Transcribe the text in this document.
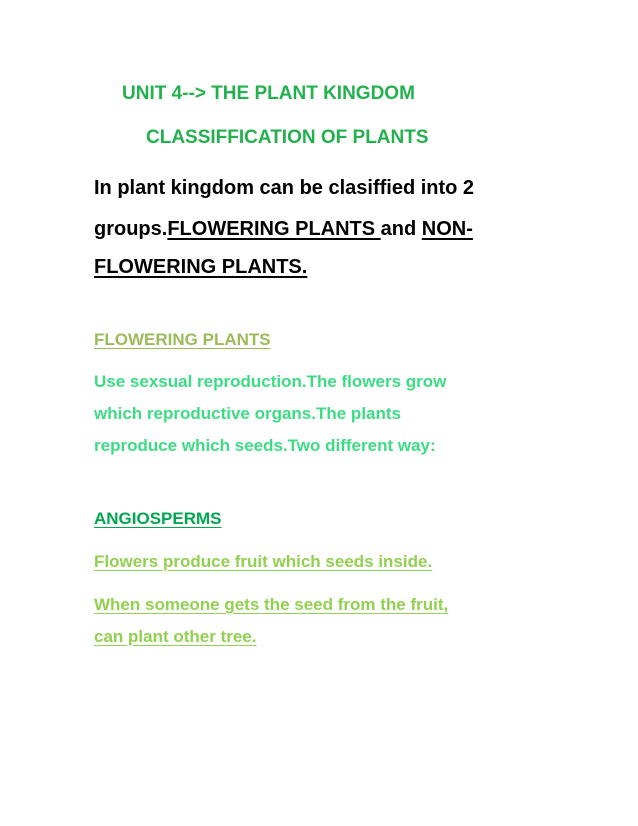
UNIT 4--> THE PLANT KINGDOM

CLASSIFFICATION OF PLANTS

In plant kingdom can be clasiffied into 2

groups.FLOWERING PLANTS and NON-

FLOWERING PLANTS.

FLOWERING PLANTS

Use sexsual reproduction.The flowers grow

which reproductive organs.The plants

reproduce which seeds.Two different way:

ANGIOSPERMS

Flowers produce fruit which seeds inside.

When someone gets the seed from the fruit,

can plant other tree.
